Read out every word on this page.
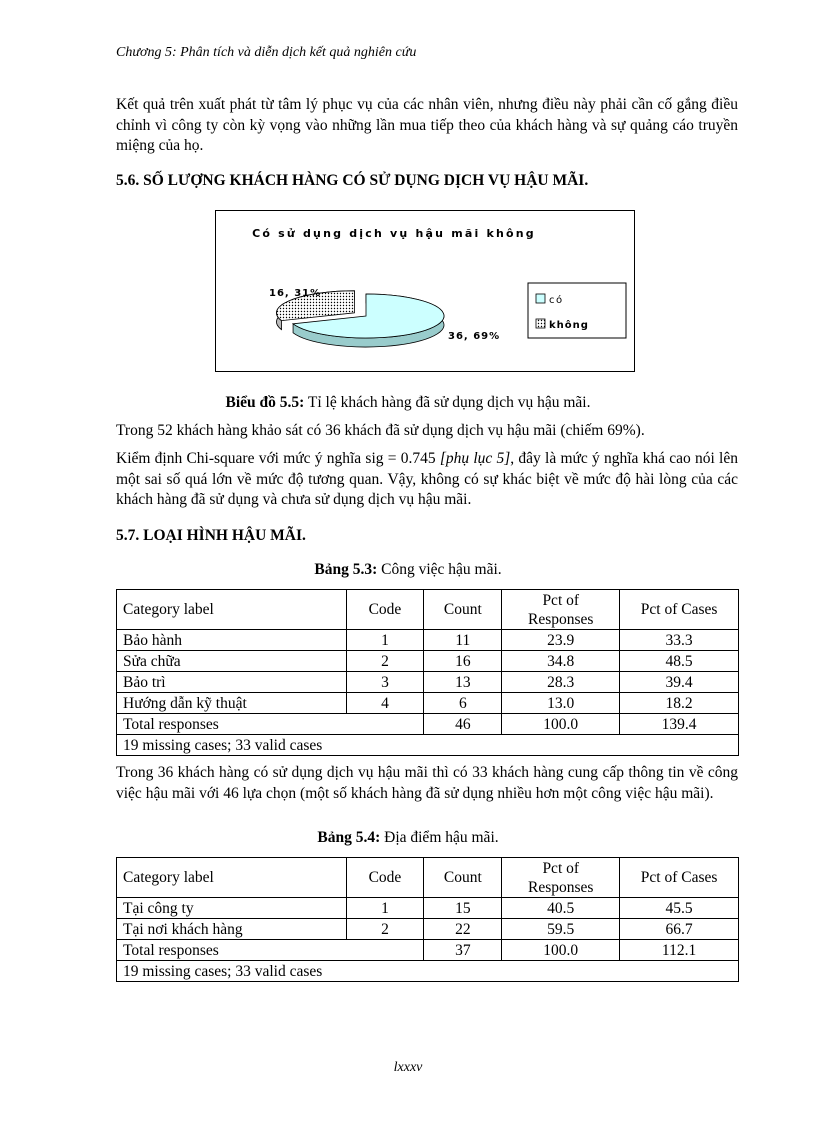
Chương 5: Phân tích và diễn dịch kết quả nghiên cứu
Kết quả trên xuất phát từ tâm lý phục vụ của các nhân viên, nhưng điều này phải cần cố gắng điều chỉnh vì công ty còn kỳ vọng vào những lần mua tiếp theo của khách hàng và sự quảng cáo truyền miệng của họ.
5.6. SỐ LƯỢNG KHÁCH HÀNG CÓ SỬ DỤNG DỊCH VỤ HẬU MÃI.
Có sử dụng dịch vụ hậu mãi không
16, 31%
36, 69%
có
không
Biểu đồ 5.5: Tỉ lệ khách hàng đã sử dụng dịch vụ hậu mãi.
Trong 52 khách hàng khảo sát có 36 khách đã sử dụng dịch vụ hậu mãi (chiếm 69%).
Kiểm định Chi-square với mức ý nghĩa sig = 0.745 [phụ lục 5], đây là mức ý nghĩa khá cao nói lên một sai số quá lớn về mức độ tương quan. Vậy, không có sự khác biệt về mức độ hài lòng của các khách hàng đã sử dụng và chưa sử dụng dịch vụ hậu mãi.
5.7. LOẠI HÌNH HẬU MÃI.
Bảng 5.3: Công việc hậu mãi.
Category label	Code	Count	Pct of Responses	Pct of Cases
Bảo hành	1	11	23.9	33.3
Sửa chữa	2	16	34.8	48.5
Bảo trì	3	13	28.3	39.4
Hướng dẫn kỹ thuật	4	6	13.0	18.2
Total responses		46	100.0	139.4
19 missing cases; 33 valid cases				
Trong 36 khách hàng có sử dụng dịch vụ hậu mãi thì có 33 khách hàng cung cấp thông tin về công việc hậu mãi với 46 lựa chọn (một số khách hàng đã sử dụng nhiều hơn một công việc hậu mãi).
Bảng 5.4: Địa điểm hậu mãi.
Category label	Code	Count	Pct of Responses	Pct of Cases
Tại công ty	1	15	40.5	45.5
Tại nơi khách hàng	2	22	59.5	66.7
Total responses		37	100.0	112.1
19 missing cases; 33 valid cases				
lxxxv
